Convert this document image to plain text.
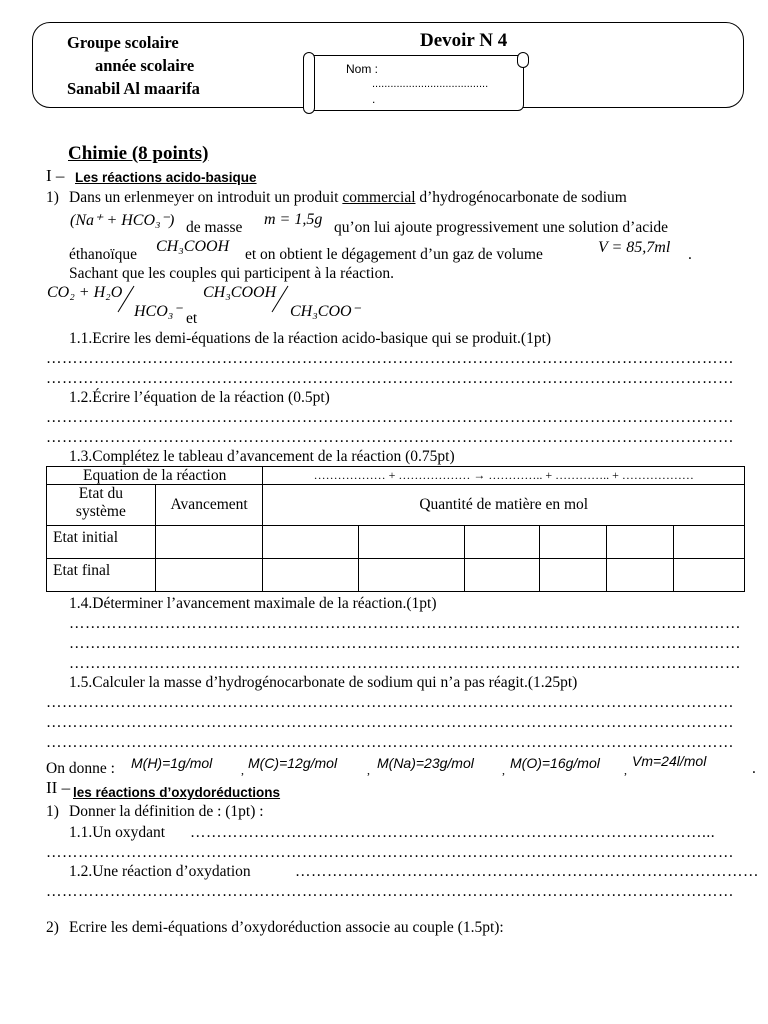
Groupe scolaire
année scolaire
Sanabil Al maarifa
Devoir N 4
Nom :
......................................
.
Chimie (8 points)
I – Les réactions acido-basique
1) Dans un erlenmeyer on introduit un produit commercial d’hydrogénocarbonate de sodium
(Na⁺ + HCO₃⁻) de masse m = 1,5g qu’on lui ajoute progressivement une solution d’acide
éthanoïque CH₃COOH et on obtient le dégagement d’un gaz de volume	V = 85,7ml .
Sachant que les couples qui participent à la réaction.
CO₂ + H₂O
HCO₃⁻ et
CH₃COOH
CH₃COO⁻
1.1.Ecrire les demi-équations de la réaction acido-basique qui se produit.(1pt)
…………………………………………………………………………………………………………………
…………………………………………………………………………………………………………………
1.2.Écrire l’équation de la réaction (0.5pt)
…………………………………………………………………………………………………………………
…………………………………………………………………………………………………………………
1.3.Complétez le tableau d’avancement de la réaction (0.75pt)
Equation de la réaction		……………… + ……………… → ………….. + ………….. + ………………					
Etat du système	Avancement	Quantité de matière en mol					
Etat initial							
Etat final							
1.4.Déterminer l’avancement maximale de la réaction.(1pt)
………………………………………………………………………………………………………………
………………………………………………………………………………………………………………
………………………………………………………………………………………………………………
1.5.Calculer la masse d’hydrogénocarbonate de sodium qui n’a pas réagit.(1.25pt)
…………………………………………………………………………………………………………………
…………………………………………………………………………………………………………………
…………………………………………………………………………………………………………………
On donne : M(H)=1g/mol , M(C)=12g/mol , M(Na)=23g/mol , M(O)=16g/mol ,
Vm=24l/mol	.
II – les réactions d’oxydoréductions
1) Donner la définition de : (1pt) :
1.1.Un oxydant ……………………………………………………………………………………...
…………………………………………………………………………………………………………………
1.2.Une réaction d’oxydation	……………………………………………………………………………
…………………………………………………………………………………………………………………
2) Ecrire les demi-équations d’oxydoréduction associe au couple (1.5pt):
